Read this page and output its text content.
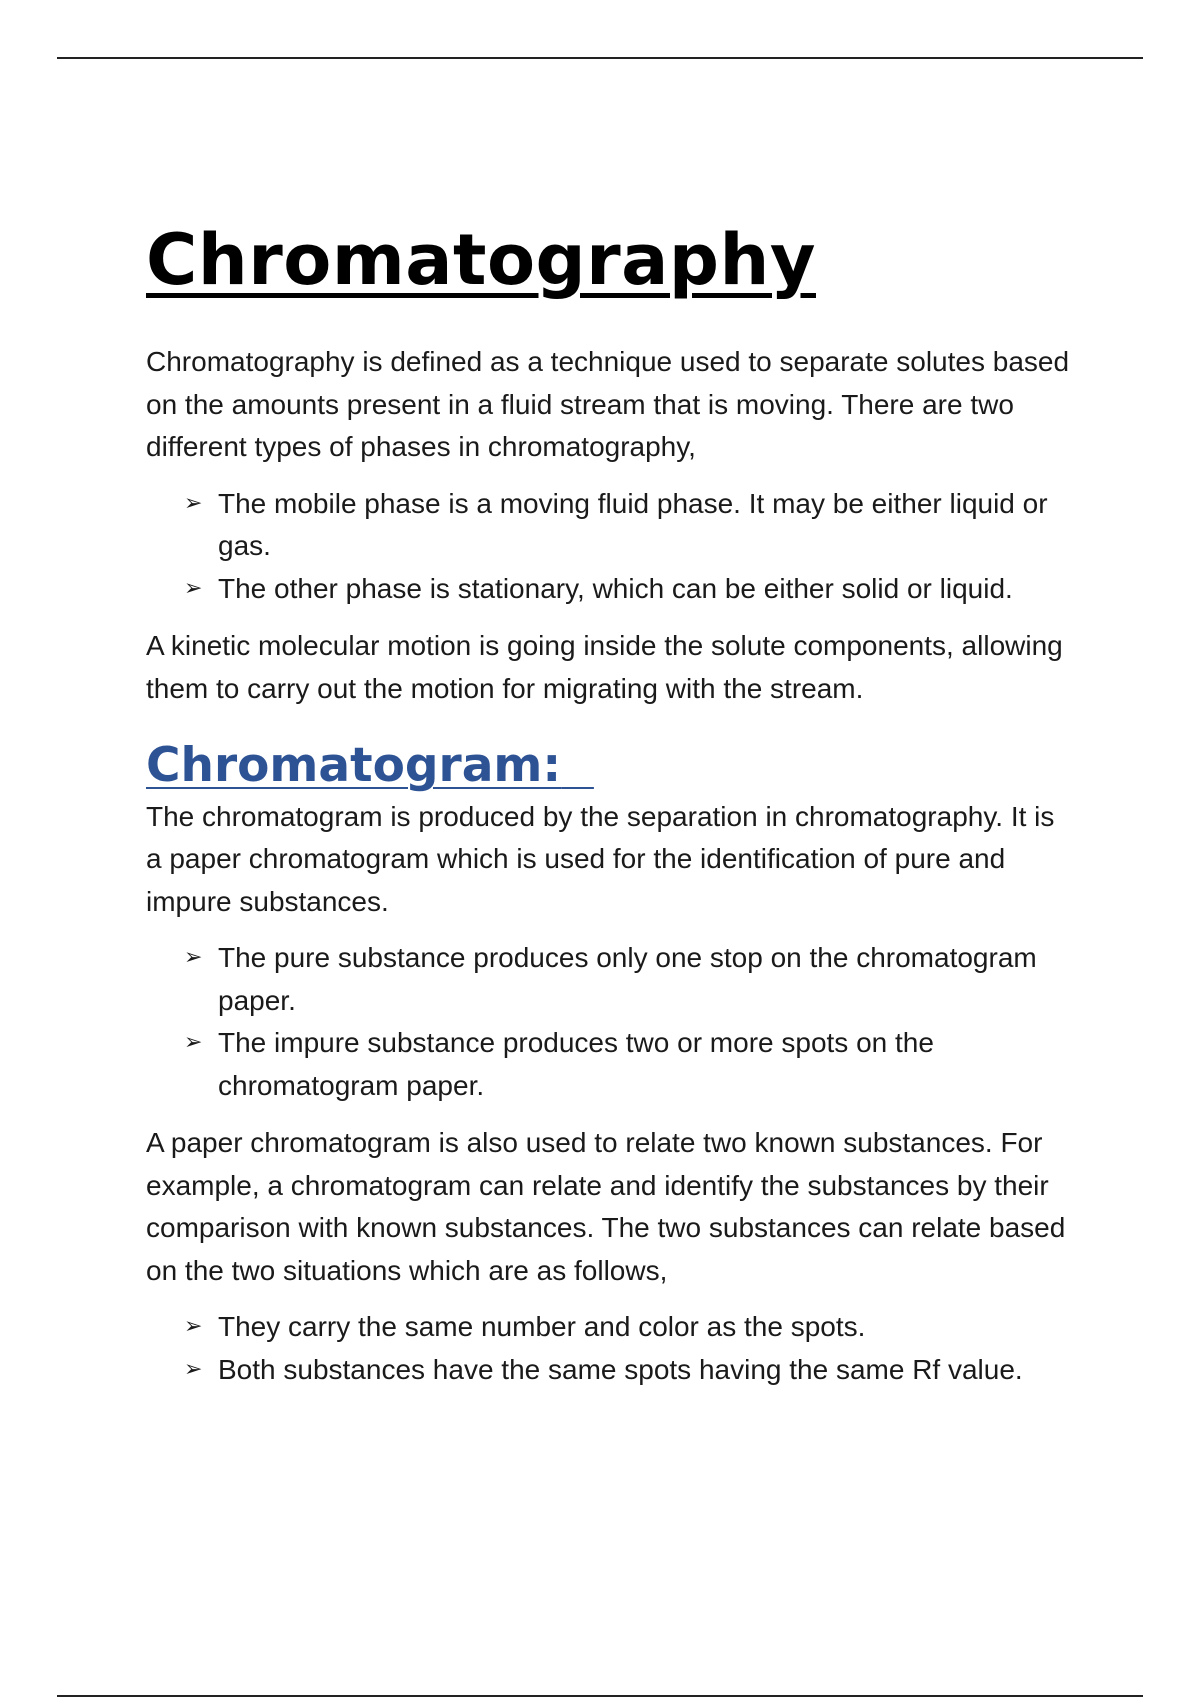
Chromatography

Chromatography is defined as a technique used to separate solutes based on the amounts present in a fluid stream that is moving. There are two different types of phases in chromatography,

➢ The mobile phase is a moving fluid phase. It may be either liquid or gas.
➢ The other phase is stationary, which can be either solid or liquid.

A kinetic molecular motion is going inside the solute components, allowing them to carry out the motion for migrating with the stream.

Chromatogram:

The chromatogram is produced by the separation in chromatography. It is a paper chromatogram which is used for the identification of pure and impure substances.

➢ The pure substance produces only one stop on the chromatogram paper.
➢ The impure substance produces two or more spots on the chromatogram paper.

A paper chromatogram is also used to relate two known substances. For example, a chromatogram can relate and identify the substances by their comparison with known substances. The two substances can relate based on the two situations which are as follows,

➢ They carry the same number and color as the spots.
➢ Both substances have the same spots having the same Rf value.
